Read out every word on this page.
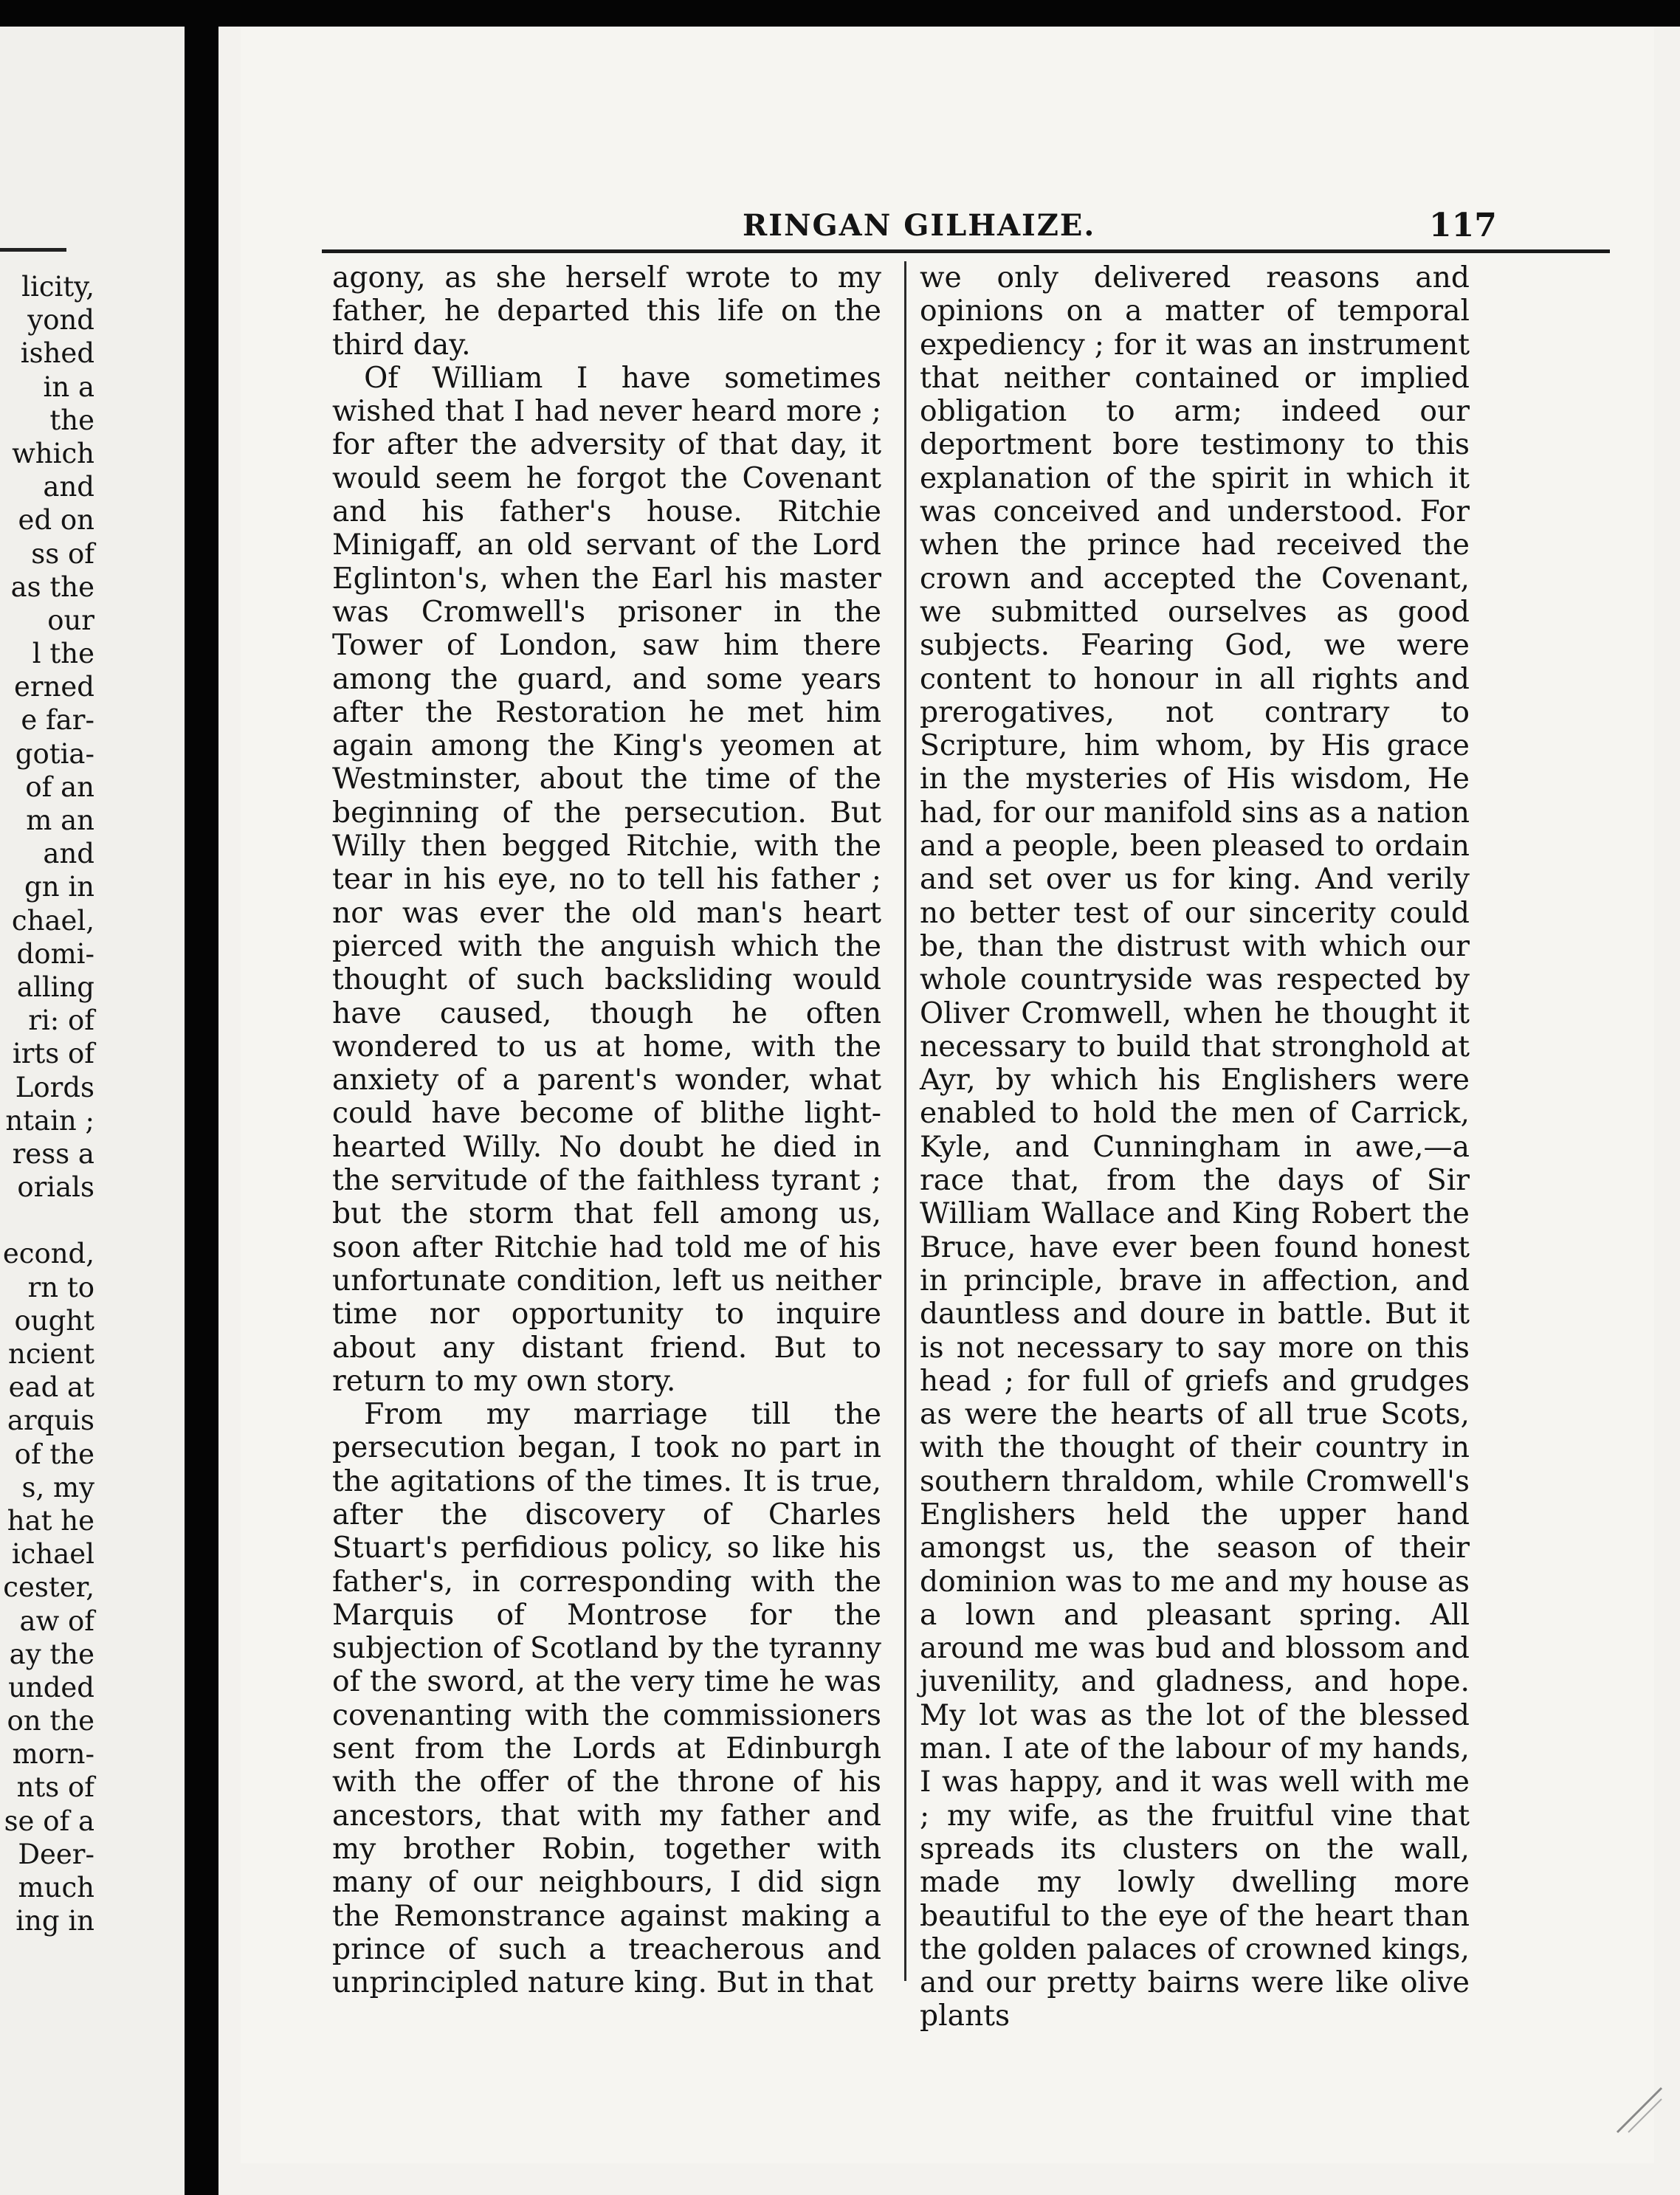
licity,
yond
ished
in a
the
which
and
ed on
ss of
as the
our
l the
erned
e far-
gotia-
of an
m an
and
gn in
chael,
domi-
alling
ri: of
irts of
Lords
ntain ;
ress a
orials
econd,
rn to
ought
ncient
ead at
arquis
of the
s, my
hat he
ichael
cester,
aw of
ay the
unded
on the
morn-
nts of
se of a
Deer-
much
ing in
RINGAN GILHAIZE.	117

agony, as she herself wrote to my father, he departed this life on the third day.

Of William I have sometimes wished that I had never heard more ; for after the adversity of that day, it would seem he forgot the Covenant and his father's house. Ritchie Minigaff, an old servant of the Lord Eglinton's, when the Earl his master was Cromwell's prisoner in the Tower of London, saw him there among the guard, and some years after the Restoration he met him again among the King's yeomen at Westminster, about the time of the beginning of the persecution. But Willy then begged Ritchie, with the tear in his eye, no to tell his father ; nor was ever the old man's heart pierced with the anguish which the thought of such backsliding would have caused, though he often wondered to us at home, with the anxiety of a parent's wonder, what could have become of blithe light-hearted Willy. No doubt he died in the servitude of the faithless tyrant ; but the storm that fell among us, soon after Ritchie had told me of his unfortunate condition, left us neither time nor opportunity to inquire about any distant friend. But to return to my own story.

From my marriage till the persecution began, I took no part in the agitations of the times. It is true, after the discovery of Charles Stuart's perfidious policy, so like his father's, in corresponding with the Marquis of Montrose for the subjection of Scotland by the tyranny of the sword, at the very time he was covenanting with the commissioners sent from the Lords at Edinburgh with the offer of the throne of his ancestors, that with my father and my brother Robin, together with many of our neighbours, I did sign the Remonstrance against making a prince of such a treacherous and unprincipled nature king. But in that

we only delivered reasons and opinions on a matter of temporal expediency ; for it was an instrument that neither contained or implied obligation to arm; indeed our deportment bore testimony to this explanation of the spirit in which it was conceived and understood. For when the prince had received the crown and accepted the Covenant, we submitted ourselves as good subjects. Fearing God, we were content to honour in all rights and prerogatives, not contrary to Scripture, him whom, by His grace in the mysteries of His wisdom, He had, for our manifold sins as a nation and a people, been pleased to ordain and set over us for king. And verily no better test of our sincerity could be, than the distrust with which our whole countryside was respected by Oliver Cromwell, when he thought it necessary to build that stronghold at Ayr, by which his Englishers were enabled to hold the men of Carrick, Kyle, and Cunningham in awe,—a race that, from the days of Sir William Wallace and King Robert the Bruce, have ever been found honest in principle, brave in affection, and dauntless and doure in battle. But it is not necessary to say more on this head ; for full of griefs and grudges as were the hearts of all true Scots, with the thought of their country in southern thraldom, while Cromwell's Englishers held the upper hand amongst us, the season of their dominion was to me and my house as a lown and pleasant spring. All around me was bud and blossom and juvenility, and gladness, and hope. My lot was as the lot of the blessed man. I ate of the labour of my hands, I was happy, and it was well with me ; my wife, as the fruitful vine that spreads its clusters on the wall, made my lowly dwelling more beautiful to the eye of the heart than the golden palaces of crowned kings, and our pretty bairns were like olive plants
